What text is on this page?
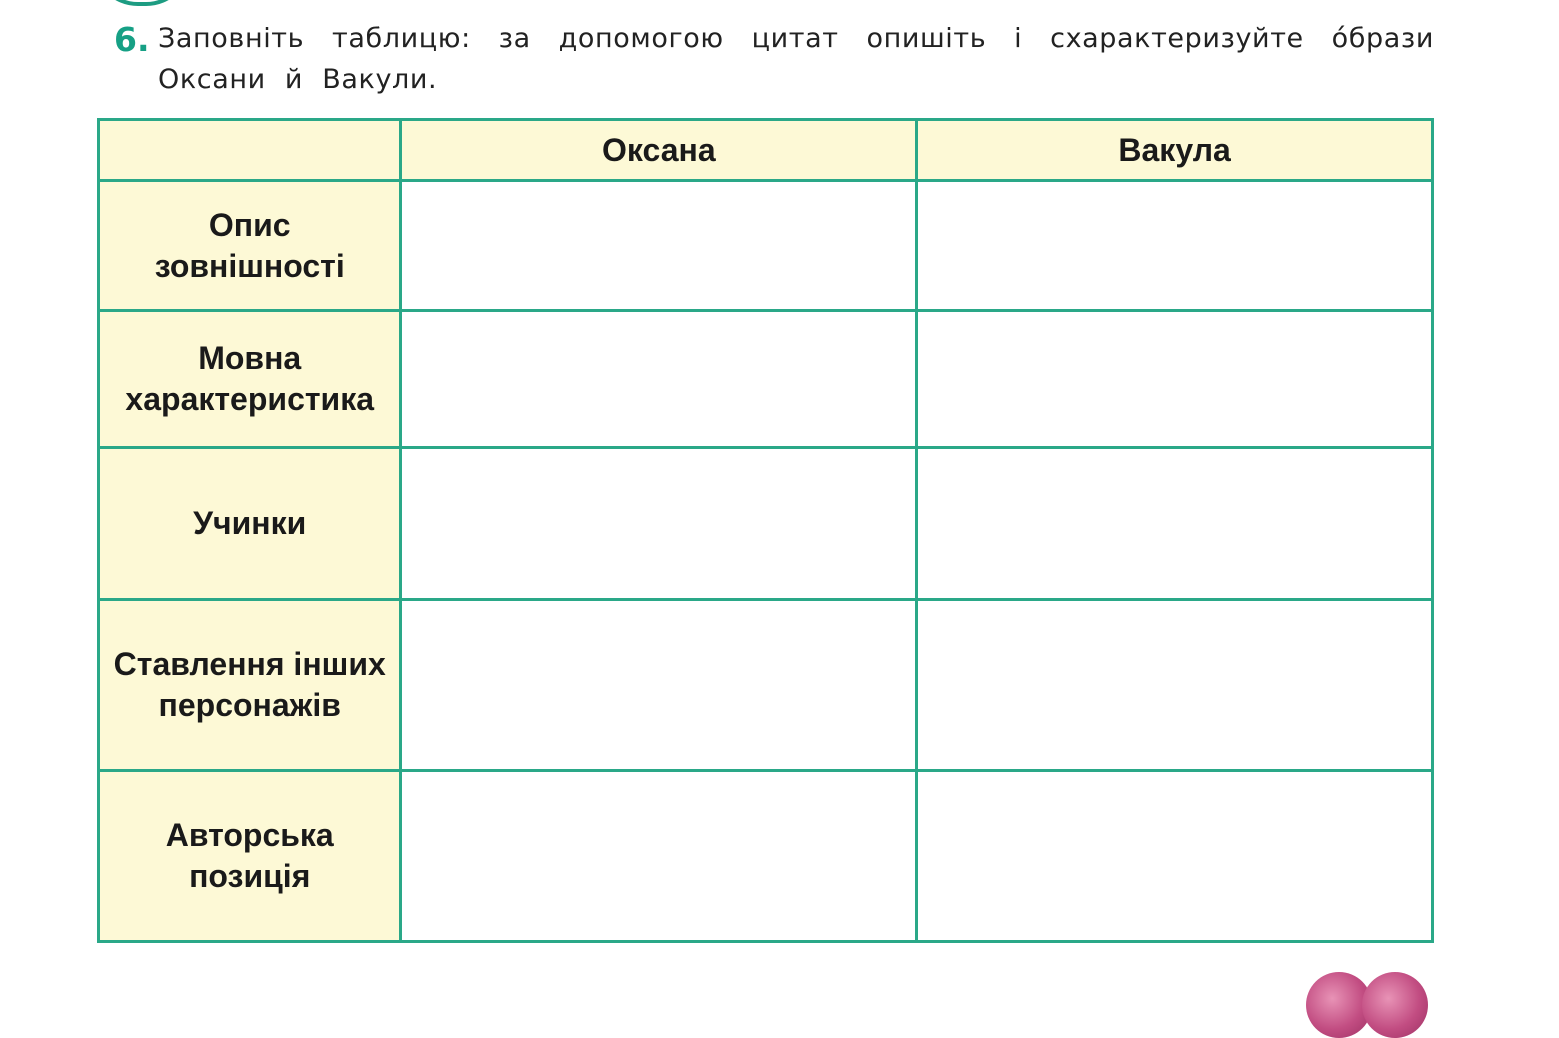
6. Заповніть таблицю: за допомогою цитат опишіть і схарактеризуйте о́брази
Оксани й Вакули.
	Оксана	Вакула

Опис
зовнішності		

Мовна
характеристика		

Учинки		

Ставлення інших
персонажів		

Авторська
позиція		
